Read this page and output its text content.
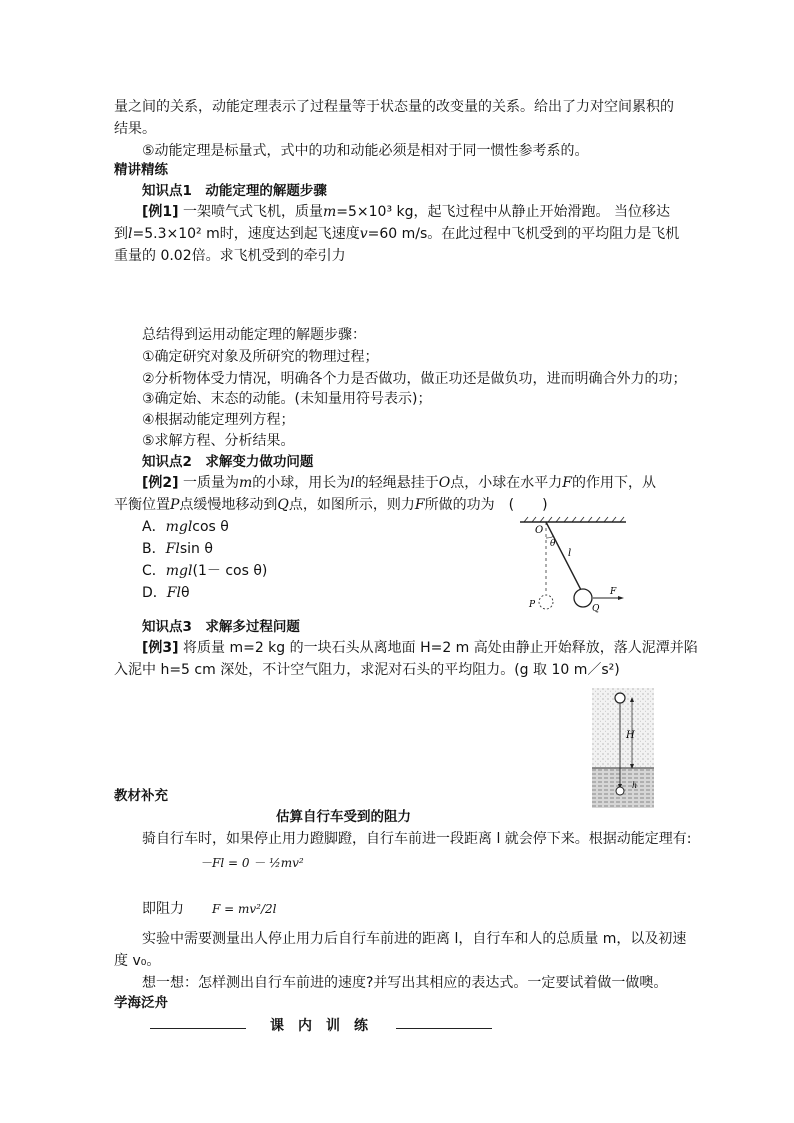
量之间的关系，动能定理表示了过程量等于状态量的改变量的关系。给出了力对空间累积的
结果。
⑤动能定理是标量式，式中的功和动能必须是相对于同一惯性参考系的。
精讲精练
知识点1　动能定理的解题步骤
[例1] 一架喷气式飞机，质量m=5×10³ kg，起飞过程中从静止开始滑跑。 当位移达
到l=5.3×10² m时，速度达到起飞速度v=60 m/s。在此过程中飞机受到的平均阻力是飞机
重量的 0.02倍。求飞机受到的牵引力
总结得到运用动能定理的解题步骤：
①确定研究对象及所研究的物理过程；
②分析物体受力情况，明确各个力是否做功，做正功还是做负功，进而明确合外力的功；
③确定始、末态的动能。(未知量用符号表示)；
④根据动能定理列方程；
⑤求解方程、分析结果。
知识点2　求解变力做功问题
[例2] 一质量为m的小球，用长为l的轻绳悬挂于O点，小球在水平力F的作用下，从
平衡位置P点缓慢地移动到Q点，如图所示，则力F所做的功为　(　　)
A．mglcos θ
B．Flsin θ
C．mgl(1－ cos θ)
D．Flθ
O
θ
l
F
P	Q
知识点3　求解多过程问题
[例3] 将质量 m=2 kg 的一块石头从离地面 H=2 m 高处由静止开始释放，落人泥潭并陷
入泥中 h=5 cm 深处，不计空气阻力，求泥对石头的平均阻力。(g 取 10 m／s²)
H
h
教材补充
估算自行车受到的阻力
骑自行车时，如果停止用力蹬脚蹬，自行车前进一段距离 l 就会停下来。根据动能定理有:
－Fl = 0 － ½mv²
即阻力 F = mv²/2l
实验中需要测量出人停止用力后自行车前进的距离 l，自行车和人的总质量 m，以及初速
度 v₀。
想一想：怎样测出自行车前进的速度?并写出其相应的表达式。一定要试着做一做噢。
学海泛舟
课　内　训　练
